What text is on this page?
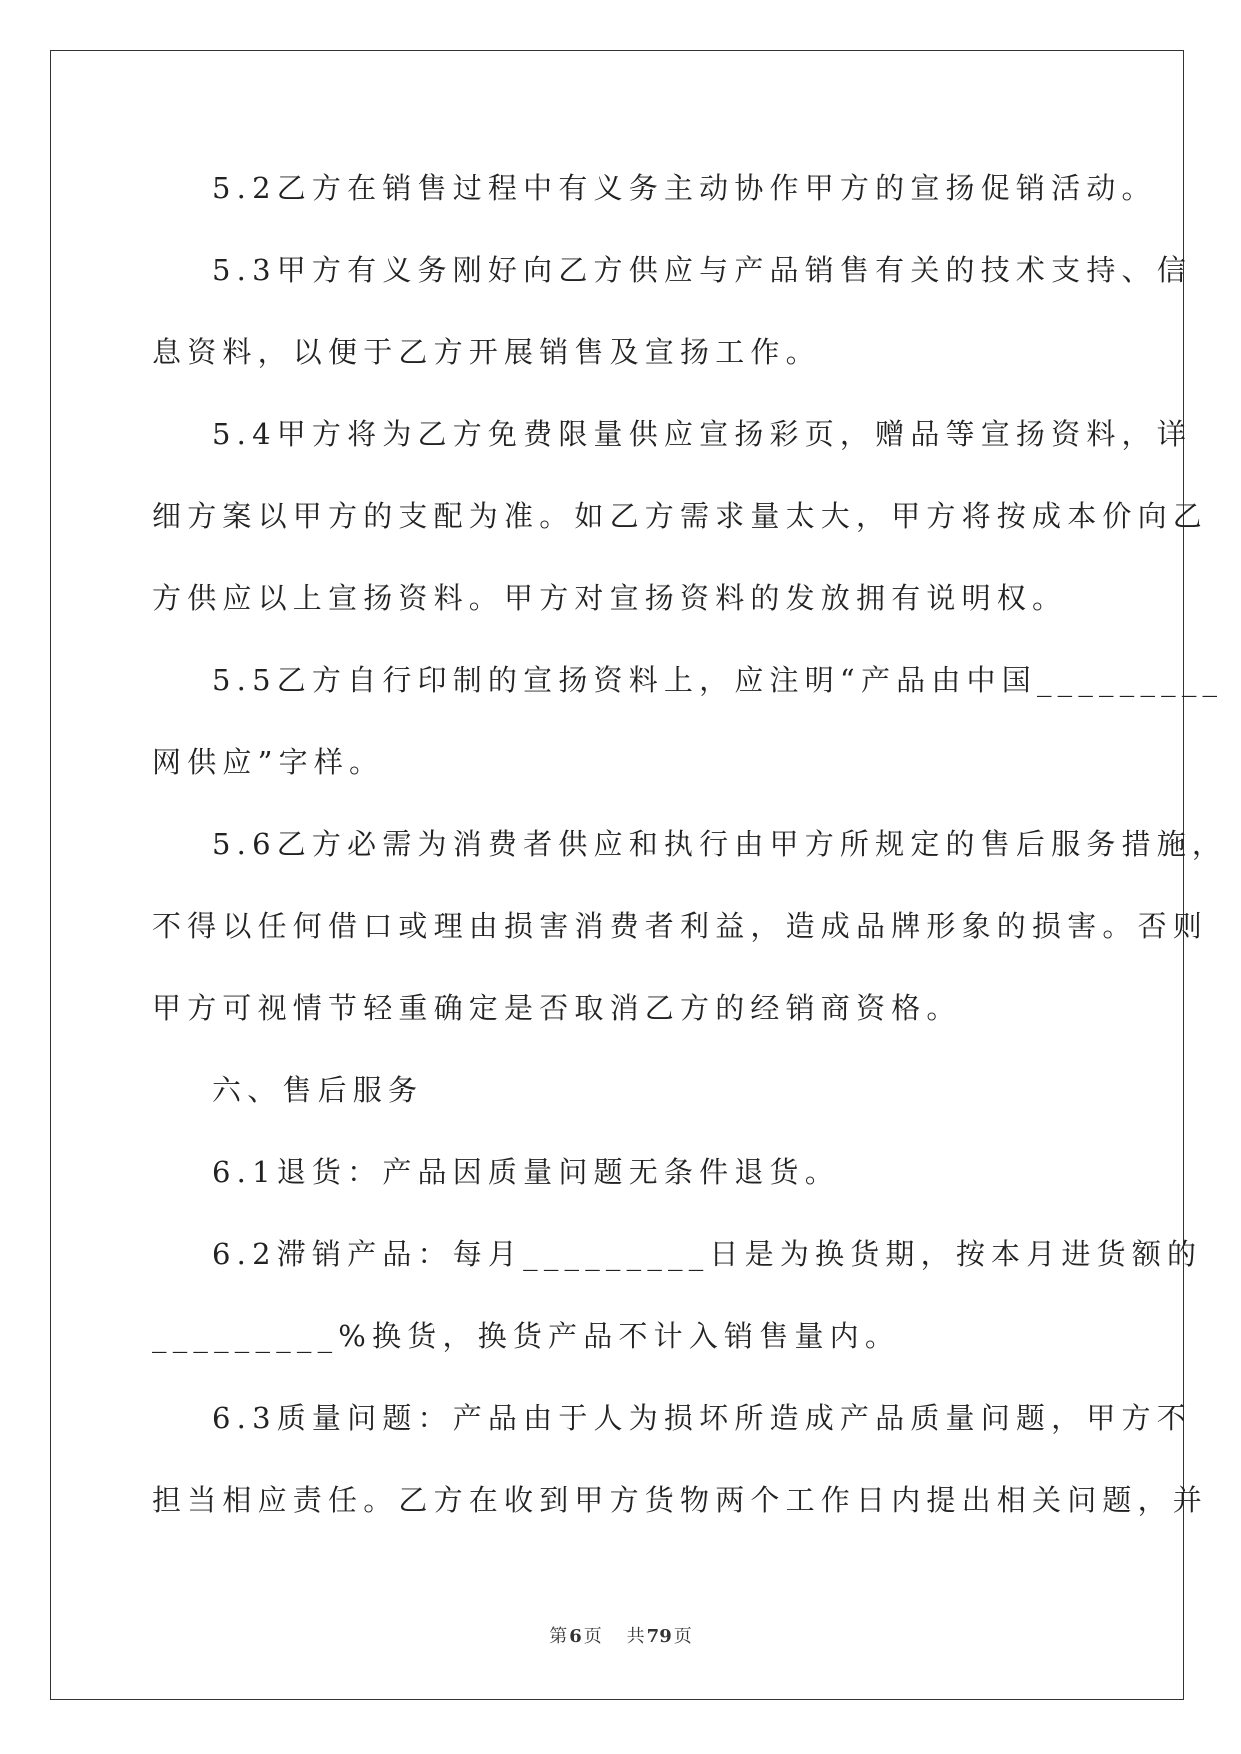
5.2乙方在销售过程中有义务主动协作甲方的宣扬促销活动。
5.3甲方有义务刚好向乙方供应与产品销售有关的技术支持、信
息资料，以便于乙方开展销售及宣扬工作。
5.4甲方将为乙方免费限量供应宣扬彩页，赠品等宣扬资料，详
细方案以甲方的支配为准。如乙方需求量太大，甲方将按成本价向乙
方供应以上宣扬资料。甲方对宣扬资料的发放拥有说明权。
5.5乙方自行印制的宣扬资料上，应注明“产品由中国_________
网供应”字样。
5.6乙方必需为消费者供应和执行由甲方所规定的售后服务措施，
不得以任何借口或理由损害消费者利益，造成品牌形象的损害。否则
甲方可视情节轻重确定是否取消乙方的经销商资格。
六、售后服务
6.1退货：产品因质量问题无条件退货。
6.2滞销产品：每月_________日是为换货期，按本月进货额的
_________%换货，换货产品不计入销售量内。
6.3质量问题：产品由于人为损坏所造成产品质量问题，甲方不
担当相应责任。乙方在收到甲方货物两个工作日内提出相关问题，并
第 6 页 共 79 页
